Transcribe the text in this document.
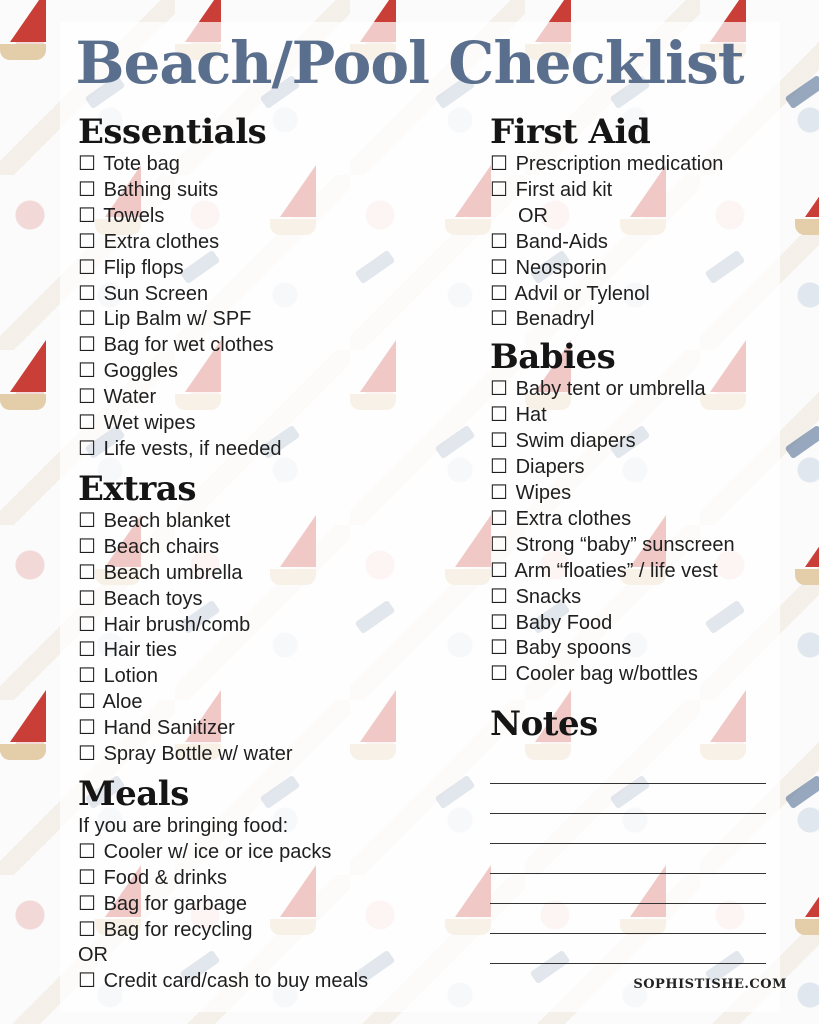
Beach/Pool Checklist
Essentials
☐ Tote bag
☐ Bathing suits
☐ Towels
☐ Extra clothes
☐ Flip flops
☐ Sun Screen
☐ Lip Balm w/ SPF
☐ Bag for wet clothes
☐ Goggles
☐ Water
☐ Wet wipes
☐ Life vests, if needed
Extras
☐ Beach blanket
☐ Beach chairs
☐ Beach umbrella
☐ Beach toys
☐ Hair brush/comb
☐ Hair ties
☐ Lotion
☐ Aloe
☐ Hand Sanitizer
☐ Spray Bottle w/ water
Meals
If you are bringing food:
☐ Cooler w/ ice or ice packs
☐ Food & drinks
☐ Bag for garbage
☐ Bag for recycling
OR
☐ Credit card/cash to buy meals
First Aid
☐ Prescription medication
☐ First aid kit
OR
☐ Band-Aids
☐ Neosporin
☐ Advil or Tylenol
☐ Benadryl
Babies
☐ Baby tent or umbrella
☐ Hat
☐ Swim diapers
☐ Diapers
☐ Wipes
☐ Extra clothes
☐ Strong “baby” sunscreen
☐ Arm “floaties” / life vest
☐ Snacks
☐ Baby Food
☐ Baby spoons
☐ Cooler bag w/bottles
Notes
SOPHISTISHE.COM
